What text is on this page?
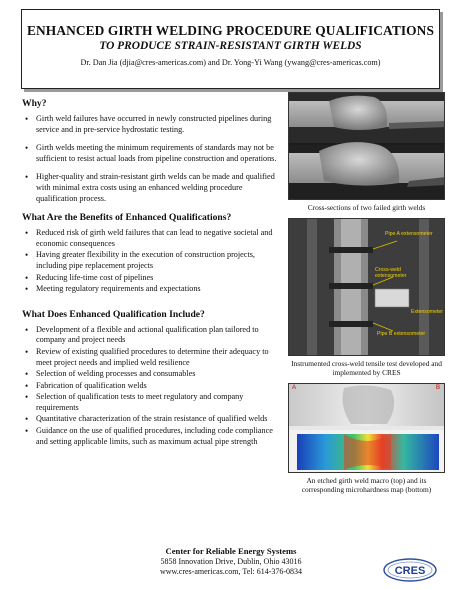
ENHANCED GIRTH WELDING PROCEDURE QUALIFICATIONS
TO PRODUCE STRAIN-RESISTANT GIRTH WELDS
Dr. Dan Jia (djia@cres-americas.com) and Dr. Yong-Yi Wang (ywang@cres-americas.com)
Why?
• Girth weld failures have occurred in newly constructed pipelines during service and in pre-service hydrostatic testing.
• Girth welds meeting the minimum requirements of standards may not be sufficient to resist actual loads from pipeline construction and operations.
• Higher-quality and strain-resistant girth welds can be made and qualified with minimal extra costs using an enhanced welding procedure qualification process.
What Are the Benefits of Enhanced Qualifications?
• Reduced risk of girth weld failures that can lead to negative societal and economic consequences
• Having greater flexibility in the execution of construction projects, including pipe replacement projects
• Reducing life-time cost of pipelines
• Meeting regulatory requirements and expectations
What Does Enhanced Qualification Include?
• Development of a flexible and actional qualification plan tailored to company and project needs
• Review of existing qualified procedures to determine their adequacy to meet project needs and implied weld resilience
• Selection of welding processes and consumables
• Fabrication of qualification welds
• Selection of qualification tests to meet regulatory and company requirements
• Quantitative characterization of the strain resistance of qualified welds
• Guidance on the use of qualified procedures, including code compliance and setting applicable limits, such as maximum actual pipe strength
Cross-sections of two failed girth welds
Pipe A extensometer
Cross-weld extensometer
Pipe B extensometer
Extensometer
Instrumented cross-weld tensile test developed and implemented by CRES
A	B
An etched girth weld macro (top) and its corresponding microhardness map (bottom)
Center for Reliable Energy Systems
5858 Innovation Drive, Dublin, Ohio 43016
www.cres-americas.com, Tel: 614-376-0834	CRES
